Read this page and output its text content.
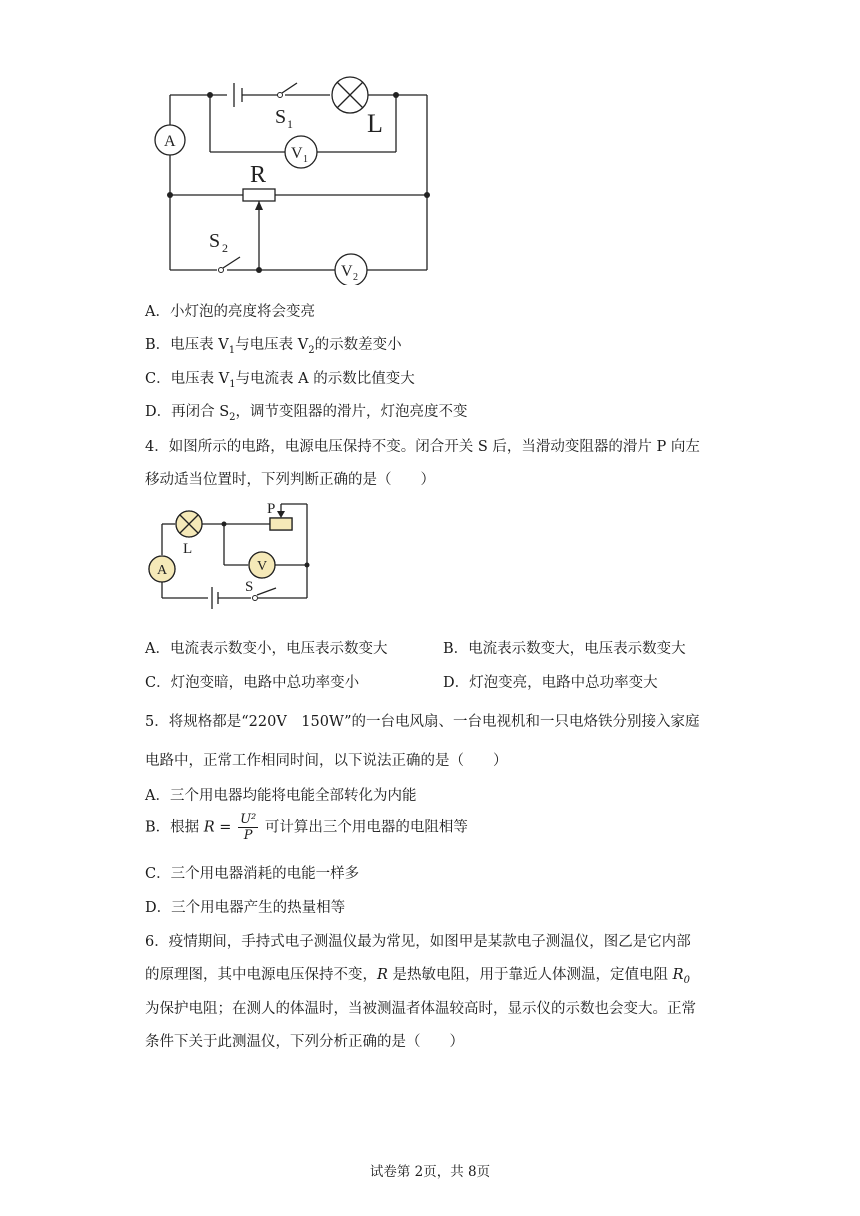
S 1	L
A
V 1
R
S 2
V 2
A．小灯泡的亮度将会变亮
B．电压表 $V_1$与电压表 $V_2$的示数差变小
C．电压表 $V_1$与电流表 A 的示数比值变大
D．再闭合 $S_2$，调节变阻器的滑片，灯泡亮度不变
4．如图所示的电路，电源电压保持不变。闭合开关 S 后，当滑动变阻器的滑片 P 向左
移动适当位置时，下列判断正确的是（　　）
P
L
A	V
S
A．电流表示数变小，电压表示数变大	B．电流表示数变大，电压表示数变大
C．灯泡变暗，电路中总功率变小	D．灯泡变亮，电路中总功率变大
5．将规格都是“220V　150W”的一台电风扇、一台电视机和一只电烙铁分别接入家庭
电路中，正常工作相同时间，以下说法正确的是（　　）
A．三个用电器均能将电能全部转化为内能
B．根据 $R = \frac{\text{U²}}{P}$ 可计算出三个用电器的电阻相等
C．三个用电器消耗的电能一样多
D．三个用电器产生的热量相等
6．疫情期间，手持式电子测温仪最为常见，如图甲是某款电子测温仪，图乙是它内部
的原理图，其中电源电压保持不变，R 是热敏电阻，用于靠近人体测温，定值电阻 $R_0$
为保护电阻；在测人的体温时，当被测温者体温较高时，显示仪的示数也会变大。正常
条件下关于此测温仪，下列分析正确的是（　　）
试卷第 2页，共 8页
